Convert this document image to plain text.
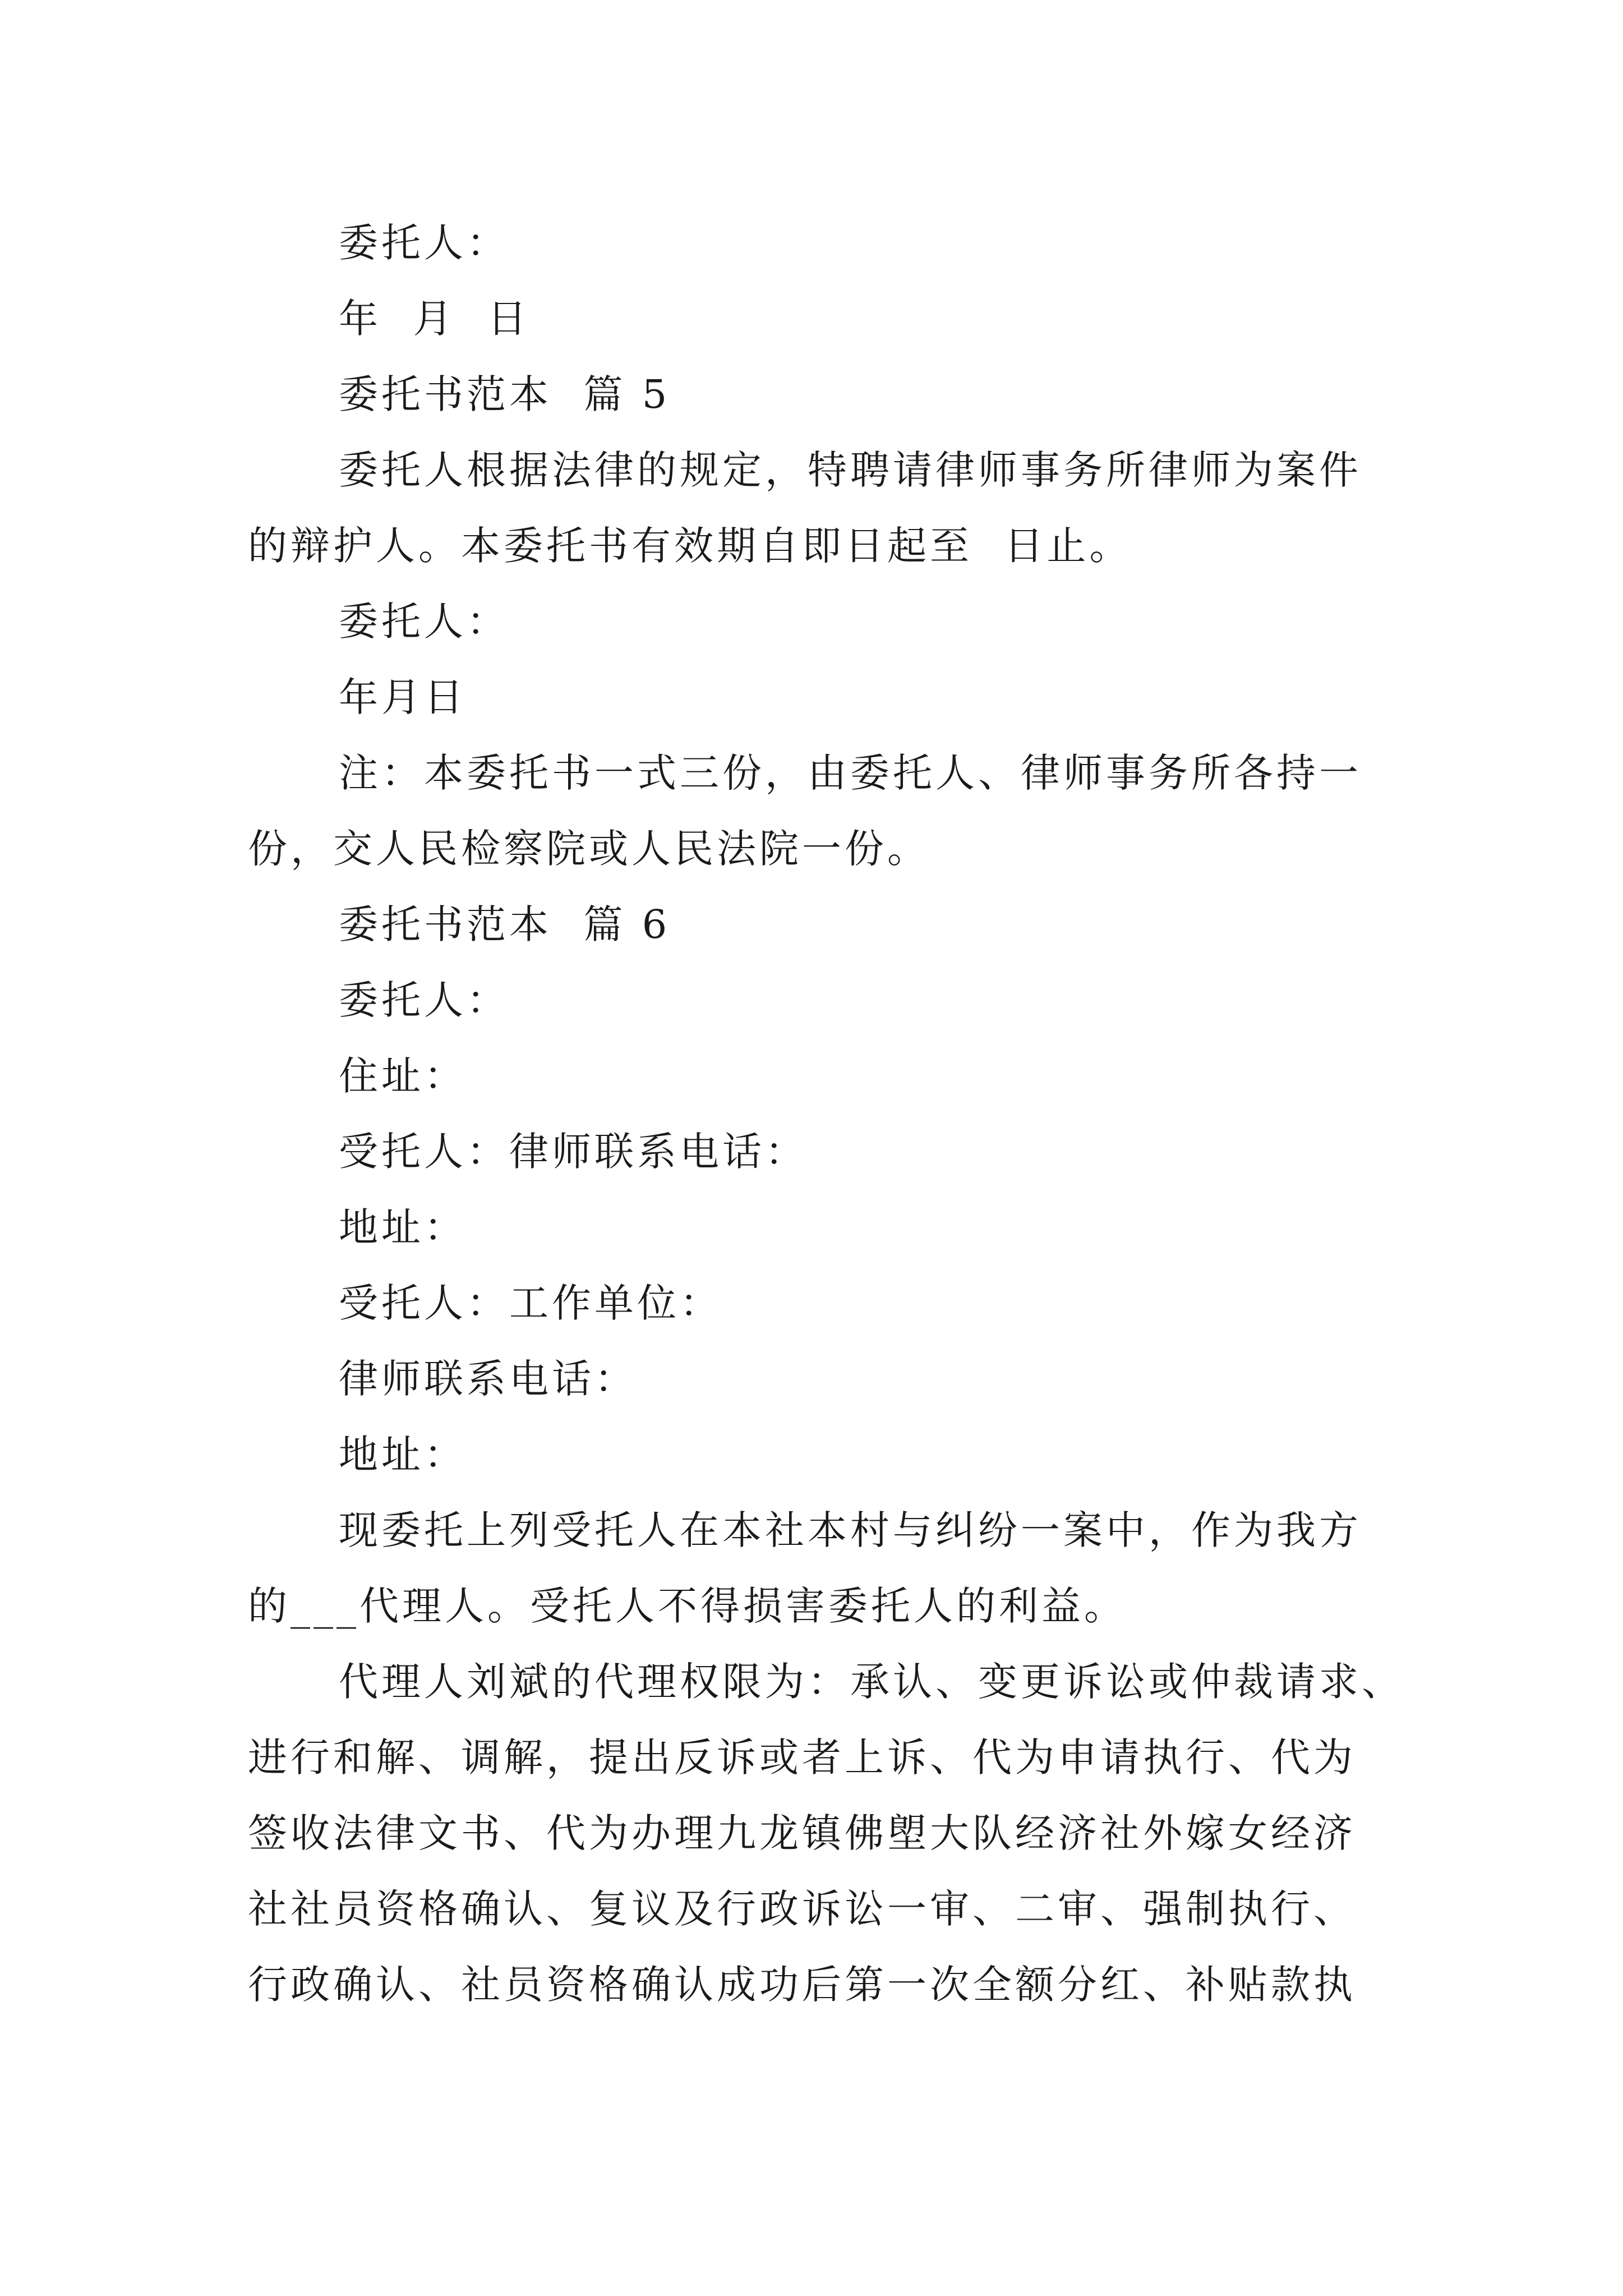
委托人：

年  月  日

委托书范本  篇 5

委托人根据法律的规定，特聘请律师事务所律师为案件

的辩护人。本委托书有效期自即日起至  日止。

委托人：

年月日

注：本委托书一式三份，由委托人、律师事务所各持一

份，交人民检察院或人民法院一份。

委托书范本  篇 6

委托人：

住址：

受托人：律师联系电话：

地址：

受托人：工作单位：

律师联系电话：

地址：

现委托上列受托人在本社本村与纠纷一案中，作为我方

的___代理人。受托人不得损害委托人的利益。

代理人刘斌的代理权限为：承认、变更诉讼或仲裁请求、

进行和解、调解，提出反诉或者上诉、代为申请执行、代为

签收法律文书、代为办理九龙镇佛塱大队经济社外嫁女经济

社社员资格确认、复议及行政诉讼一审、二审、强制执行、

行政确认、社员资格确认成功后第一次全额分红、补贴款执
